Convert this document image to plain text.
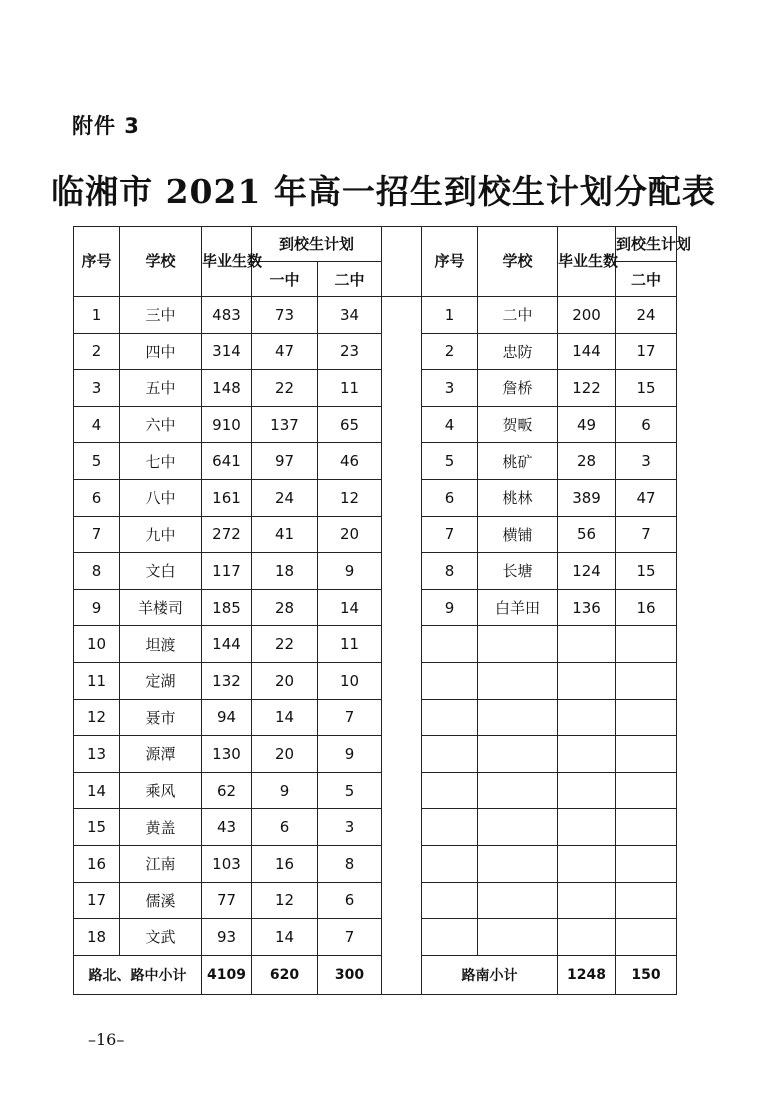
附件 3
临湘市 2021 年高一招生到校生计划分配表
序号	学校	毕业生数	到校生计划			序号	学校	毕业生数	到校生计划
			一中	二中					二中
1	三中	483	73	34		1	二中	200	24
2	四中	314	47	23		2	忠防	144	17
3	五中	148	22	11		3	詹桥	122	15
4	六中	910	137	65		4	贺畈	49	6
5	七中	641	97	46		5	桃矿	28	3
6	八中	161	24	12		6	桃林	389	47
7	九中	272	41	20		7	横铺	56	7
8	文白	117	18	9		8	长塘	124	15
9	羊楼司	185	28	14		9	白羊田	136	16
10	坦渡	144	22	11					
11	定湖	132	20	10					
12	聂市	94	14	7					
13	源潭	130	20	9					
14	乘风	62	9	5					
15	黄盖	43	6	3					
16	江南	103	16	8					
17	儒溪	77	12	6					
18	文武	93	14	7					
路北、路中小计		4109	620	300		路南小计		1248	150
–16–
